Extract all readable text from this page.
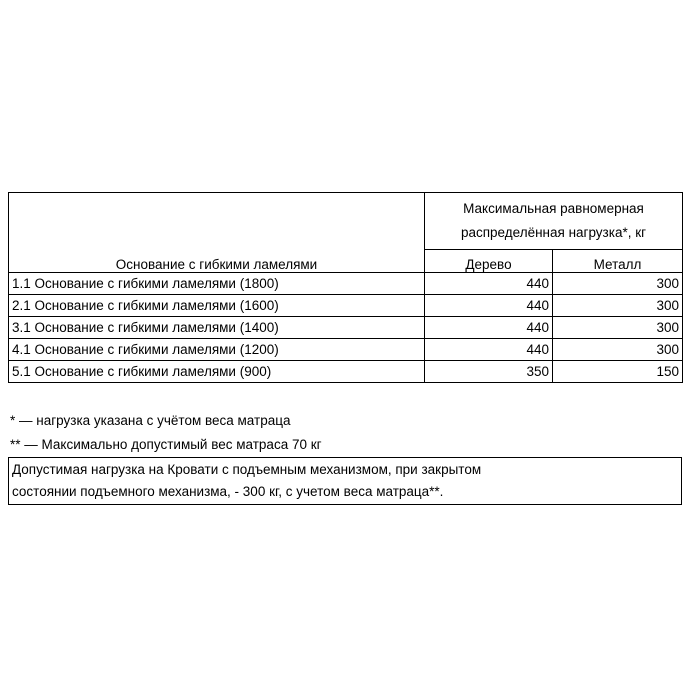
Основание с гибкими ламелями	Максимальная равномерная
распределённая нагрузка*, кг	
	Дерево	Металл
1.1 Основание с гибкими ламелями (1800)	440	300
2.1 Основание с гибкими ламелями (1600)	440	300
3.1 Основание с гибкими ламелями (1400)	440	300
4.1 Основание с гибкими ламелями (1200)	440	300
5.1 Основание с гибкими ламелями (900)	350	150

* — нагрузка указана с учётом веса матраца

** — Максимально допустимый вес матраса 70 кг

Допустимая нагрузка на Кровати с подъемным механизмом, при закрытом
состоянии подъемного механизма, - 300 кг, с учетом веса матраца**.
